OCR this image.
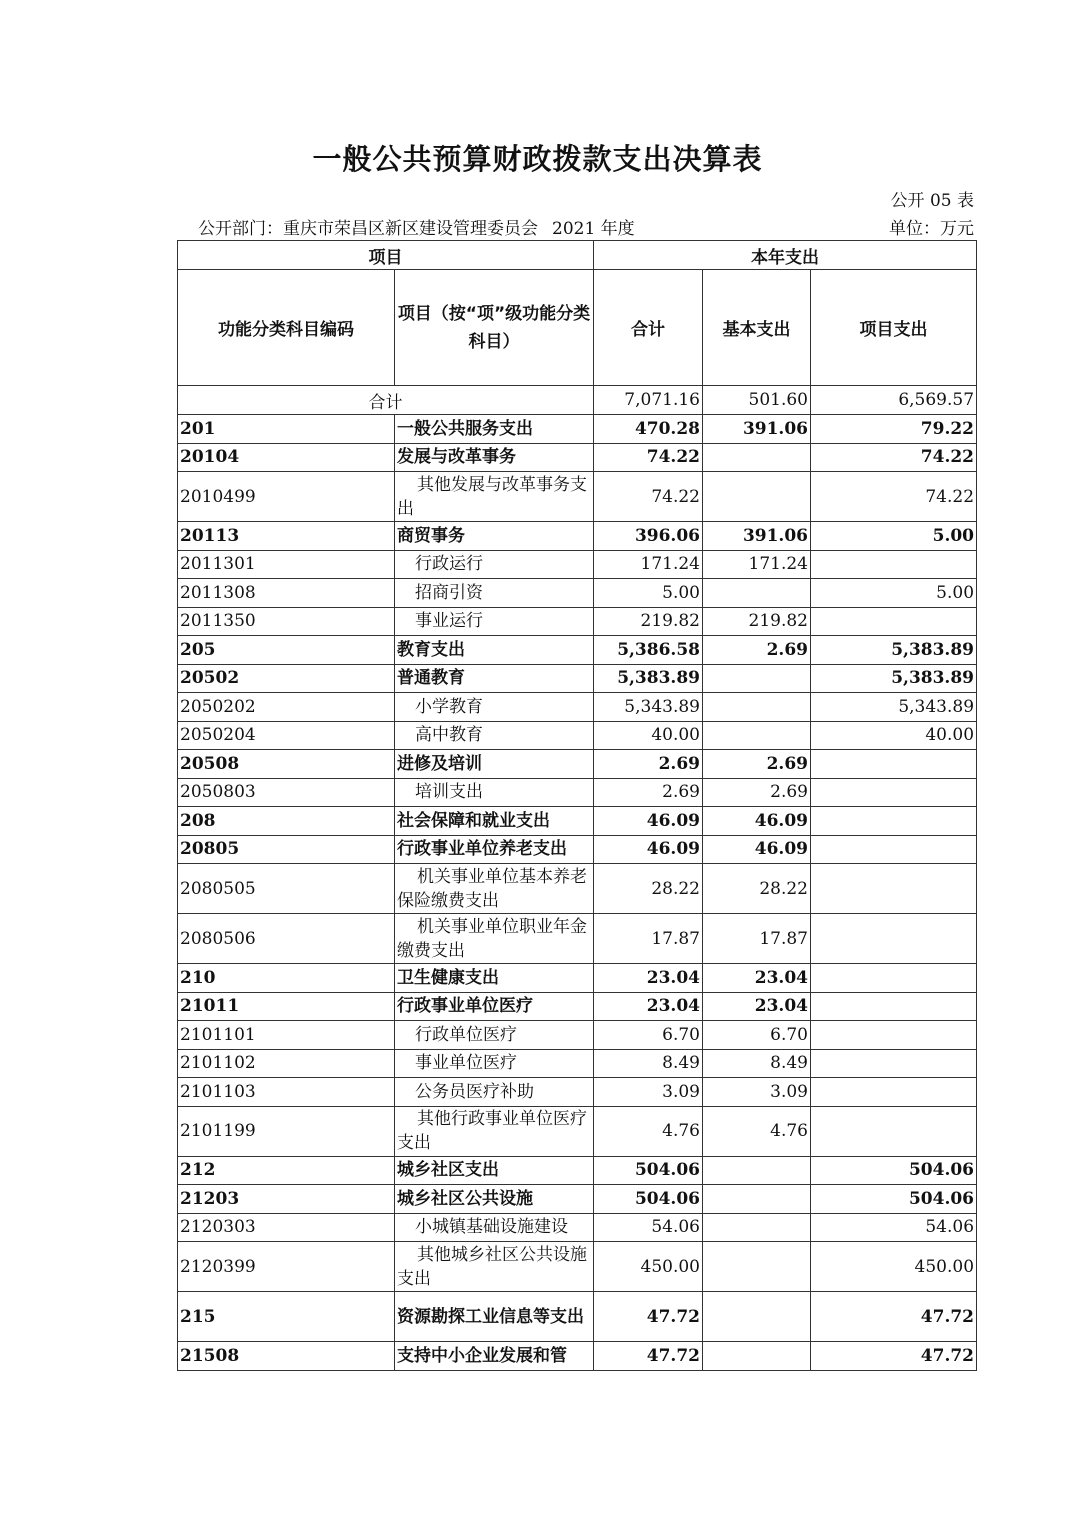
一般公共预算财政拨款支出决算表
公开 05 表
公开部门：重庆市荣昌区新区建设管理委员会 2021 年度	单位：万元
项目		本年支出		
功能分类科目编码	项目（按“项”级功能分类科目）	合计	基本支出	项目支出
合计		7,071.16	501.60	6,569.57
201	一般公共服务支出	470.28	391.06	79.22
20104	发展与改革事务	74.22		74.22
2010499	其他发展与改革事务支出	74.22		74.22
20113	商贸事务	396.06	391.06	5.00
2011301	行政运行	171.24	171.24	
2011308	招商引资	5.00		5.00
2011350	事业运行	219.82	219.82	
205	教育支出	5,386.58	2.69	5,383.89
20502	普通教育	5,383.89		5,383.89
2050202	小学教育	5,343.89		5,343.89
2050204	高中教育	40.00		40.00
20508	进修及培训	2.69	2.69	
2050803	培训支出	2.69	2.69	
208	社会保障和就业支出	46.09	46.09	
20805	行政事业单位养老支出	46.09	46.09	
2080505	机关事业单位基本养老保险缴费支出	28.22	28.22	
2080506	机关事业单位职业年金缴费支出	17.87	17.87	
210	卫生健康支出	23.04	23.04	
21011	行政事业单位医疗	23.04	23.04	
2101101	行政单位医疗	6.70	6.70	
2101102	事业单位医疗	8.49	8.49	
2101103	公务员医疗补助	3.09	3.09	
2101199	其他行政事业单位医疗支出	4.76	4.76	
212	城乡社区支出	504.06		504.06
21203	城乡社区公共设施	504.06		504.06
2120303	小城镇基础设施建设	54.06		54.06
2120399	其他城乡社区公共设施支出	450.00		450.00
215	资源勘探工业信息等支出	47.72		47.72
21508	支持中小企业发展和管	47.72		47.72
